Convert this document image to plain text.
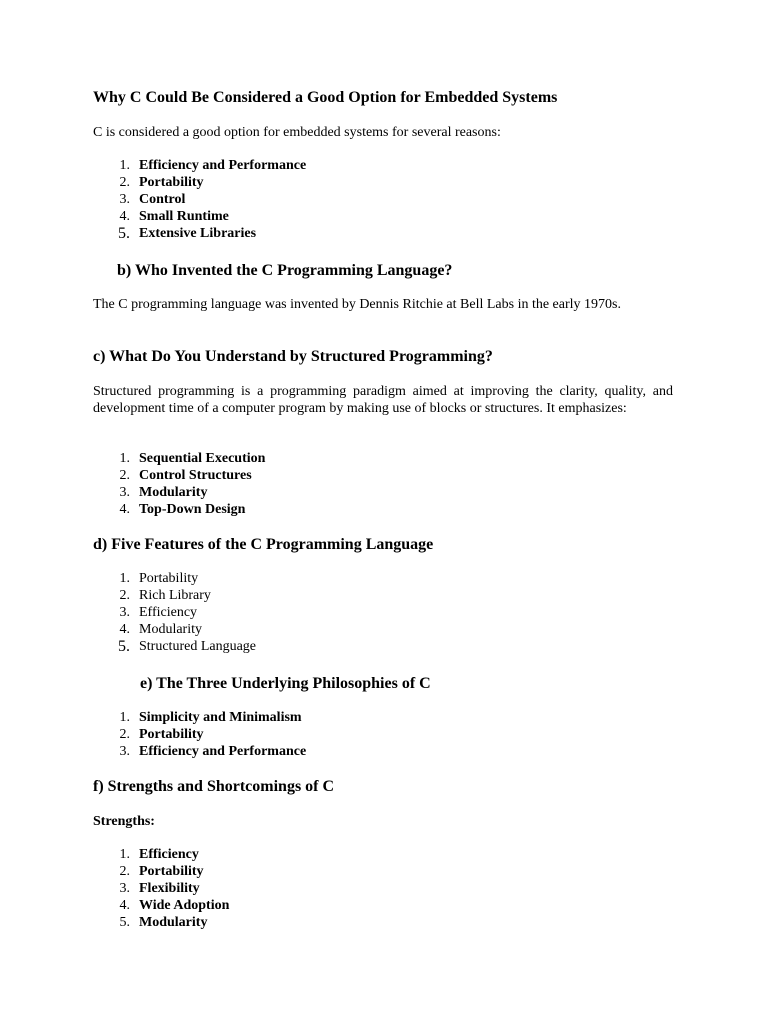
Why C Could Be Considered a Good Option for Embedded Systems

C is considered a good option for embedded systems for several reasons:

1. Efficiency and Performance
2. Portability
3. Control
4. Small Runtime
5. Extensive Libraries
b) Who Invented the C Programming Language?

The C programming language was invented by Dennis Ritchie at Bell Labs in the early 1970s.

c) What Do You Understand by Structured Programming?

Structured programming is a programming paradigm aimed at improving the clarity, quality, and development time of a computer program by making use of blocks or structures. It emphasizes:

1. Sequential Execution
2. Control Structures
3. Modularity
4. Top-Down Design
d) Five Features of the C Programming Language
1. Portability
2. Rich Library
3. Efficiency
4. Modularity
5. Structured Language
e) The Three Underlying Philosophies of C
1. Simplicity and Minimalism
2. Portability
3. Efficiency and Performance
f) Strengths and Shortcomings of C

Strengths:

1. Efficiency
2. Portability
3. Flexibility
4. Wide Adoption
5. Modularity
